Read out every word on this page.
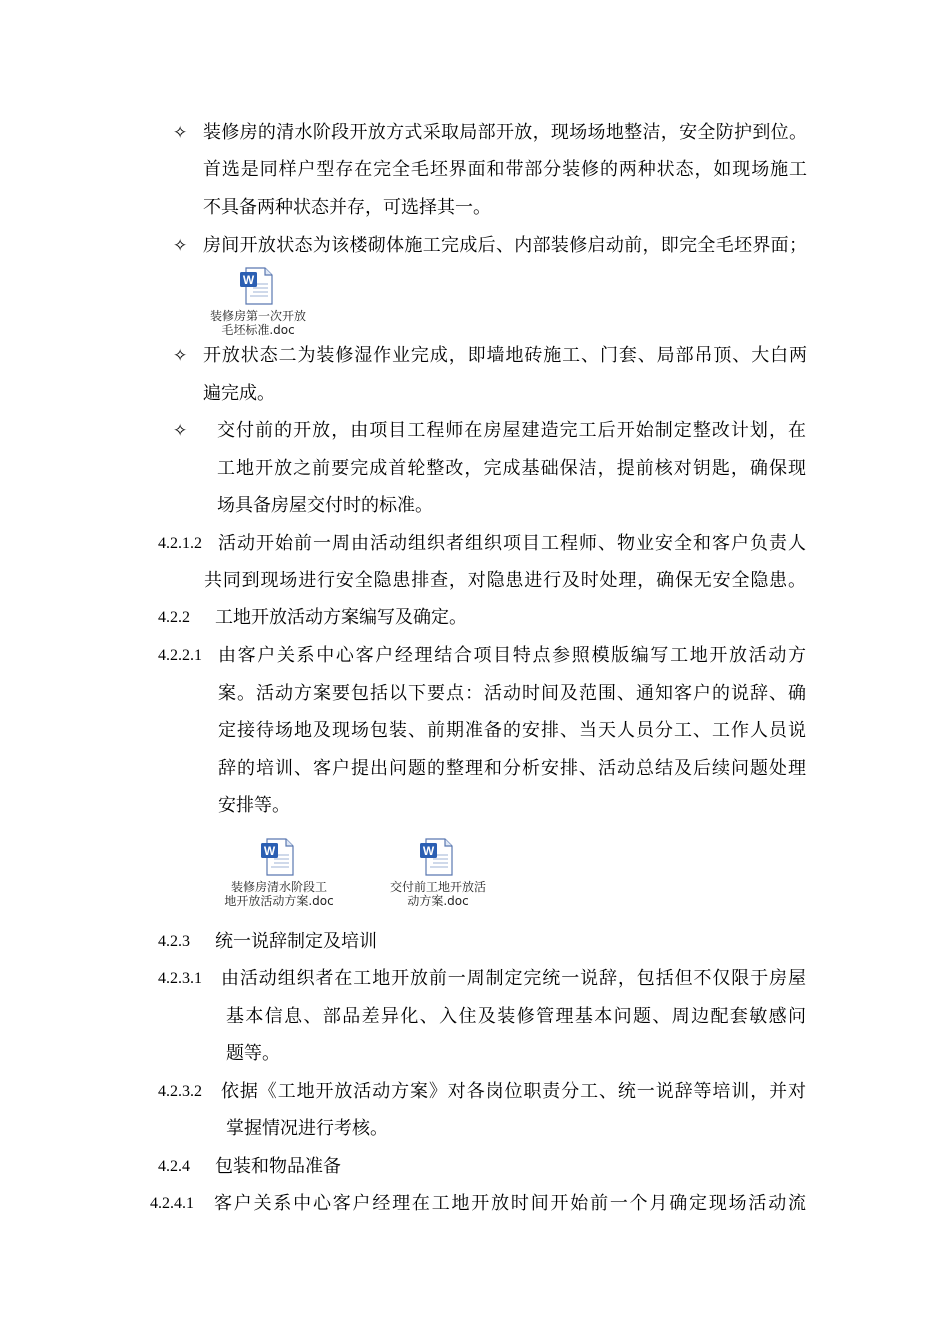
✧ 装修房的清水阶段开放方式采取局部开放，现场场地整洁，安全防护到位。
首选是同样户型存在完全毛坯界面和带部分装修的两种状态，如现场施工
不具备两种状态并存，可选择其一。
✧ 房间开放状态为该楼砌体施工完成后、内部装修启动前，即完全毛坯界面；
W
装修房第一次开放
毛坯标准.doc
✧ 开放状态二为装修湿作业完成，即墙地砖施工、门套、局部吊顶、大白两
遍完成。
✧ 交付前的开放，由项目工程师在房屋建造完工后开始制定整改计划，在
工地开放之前要完成首轮整改，完成基础保洁，提前核对钥匙，确保现
场具备房屋交付时的标准。
4.2.1.2 活动开始前一周由活动组织者组织项目工程师、物业安全和客户负责人
共同到现场进行安全隐患排查，对隐患进行及时处理，确保无安全隐患。
4.2.2 工地开放活动方案编写及确定。
4.2.2.1 由客户关系中心客户经理结合项目特点参照模版编写工地开放活动方
案。活动方案要包括以下要点：活动时间及范围、通知客户的说辞、确
定接待场地及现场包装、前期准备的安排、当天人员分工、工作人员说
辞的培训、客户提出问题的整理和分析安排、活动总结及后续问题处理
安排等。
W
装修房清水阶段工
地开放活动方案.doc
W
交付前工地开放活
动方案.doc
4.2.3 统一说辞制定及培训
4.2.3.1 由活动组织者在工地开放前一周制定完统一说辞，包括但不仅限于房屋
基本信息、部品差异化、入住及装修管理基本问题、周边配套敏感问
题等。
4.2.3.2 依据《工地开放活动方案》对各岗位职责分工、统一说辞等培训，并对
掌握情况进行考核。
4.2.4 包装和物品准备
4.2.4.1 客户关系中心客户经理在工地开放时间开始前一个月确定现场活动流
